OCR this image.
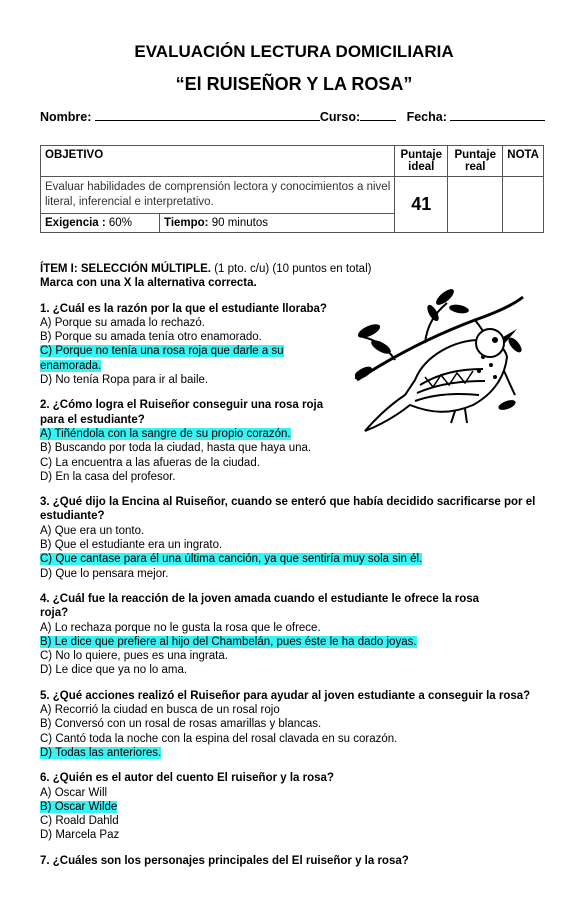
EVALUACIÓN LECTURA DOMICILIARIA
“El RUISEÑOR Y LA ROSA”
Nombre:	Curso:	Fecha:
OBJETIVO		Puntaje ideal	Puntaje real	NOTA
Evaluar habilidades de comprensión lectora y conocimientos a nivel literal, inferencial e interpretativo.		41		
Exigencia : 60%	Tiempo: 90 minutos			

ÍTEM I: SELECCIÓN MÚLTIPLE. (1 pto. c/u) (10 puntos en total)

Marca con una X la alternativa correcta.

1. ¿Cuál es la razón por la que el estudiante lloraba?

A) Porque su amada lo rechazó.

B) Porque su amada tenía otro enamorado.

C) Porque no tenía una rosa roja que darle a su enamorada.

D) No tenía Ropa para ir al baile.

2. ¿Cómo logra el Ruiseñor conseguir una rosa roja para el estudiante?

A) Tiñéndola con la sangre de su propio corazón.

B) Buscando por toda la ciudad, hasta que haya una.

C) La encuentra a las afueras de la ciudad.

D) En la casa del profesor.

3. ¿Qué dijo la Encina al Ruiseñor, cuando se enteró que había decidido sacrificarse por el estudiante?

A) Que era un tonto.

B) Que el estudiante era un ingrato.

C) Que cantase para él una última canción, ya que sentiría muy sola sin él.

D) Que lo pensara mejor.

4. ¿Cuál fue la reacción de la joven amada cuando el estudiante le ofrece la rosa roja?

A) Lo rechaza porque no le gusta la rosa que le ofrece.

B) Le dice que prefiere al hijo del Chambelán, pues éste le ha dado joyas.

C) No lo quiere, pues es una ingrata.

D) Le dice que ya no lo ama.

5. ¿Qué acciones realizó el Ruiseñor para ayudar al joven estudiante a conseguir la rosa?

A) Recorrió la ciudad en busca de un rosal rojo

B) Conversó con un rosal de rosas amarillas y blancas.

C) Cantó toda la noche con la espina del rosal clavada en su corazón.

D) Todas las anteriores.

6. ¿Quién es el autor del cuento El ruiseñor y la rosa?

A) Oscar Will

B) Oscar Wilde

C) Roald Dahld

D) Marcela Paz

7. ¿Cuáles son los personajes principales del El ruiseñor y la rosa?
